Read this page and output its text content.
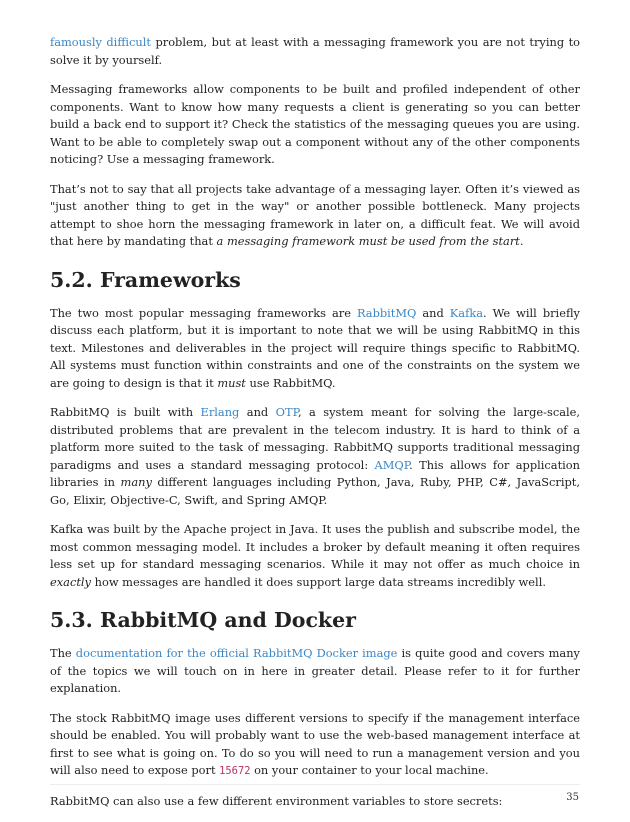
famously difficult problem, but at least with a messaging framework you are not trying to solve it by yourself.

Messaging frameworks allow components to be built and profiled independent of other components. Want to know how many requests a client is generating so you can better build a back end to support it? Check the statistics of the messaging queues you are using. Want to be able to completely swap out a component without any of the other components noticing? Use a messaging framework.

That’s not to say that all projects take advantage of a messaging layer. Often it’s viewed as "just another thing to get in the way" or another possible bottleneck. Many projects attempt to shoe horn the messaging framework in later on, a difficult feat. We will avoid that here by mandating that a messaging framework must be used from the start.

5.2. Frameworks

The two most popular messaging frameworks are RabbitMQ and Kafka. We will briefly discuss each platform, but it is important to note that we will be using RabbitMQ in this text. Milestones and deliverables in the project will require things specific to RabbitMQ. All systems must function within constraints and one of the constraints on the system we are going to design is that it must use RabbitMQ.

RabbitMQ is built with Erlang and OTP, a system meant for solving the large-scale, distributed problems that are prevalent in the telecom industry. It is hard to think of a platform more suited to the task of messaging. RabbitMQ supports traditional messaging paradigms and uses a standard messaging protocol: AMQP. This allows for application libraries in many different languages including Python, Java, Ruby, PHP, C#, JavaScript, Go, Elixir, Objective-C, Swift, and Spring AMQP.

Kafka was built by the Apache project in Java. It uses the publish and subscribe model, the most common messaging model. It includes a broker by default meaning it often requires less set up for standard messaging scenarios. While it may not offer as much choice in exactly how messages are handled it does support large data streams incredibly well.

5.3. RabbitMQ and Docker

The documentation for the official RabbitMQ Docker image is quite good and covers many of the topics we will touch on in here in greater detail. Please refer to it for further explanation.

The stock RabbitMQ image uses different versions to specify if the management interface should be enabled. You will probably want to use the web-based management interface at first to see what is going on. To do so you will need to run a management version and you will also need to expose port 15672 on your container to your local machine.

RabbitMQ can also use a few different environment variables to store secrets:	35
